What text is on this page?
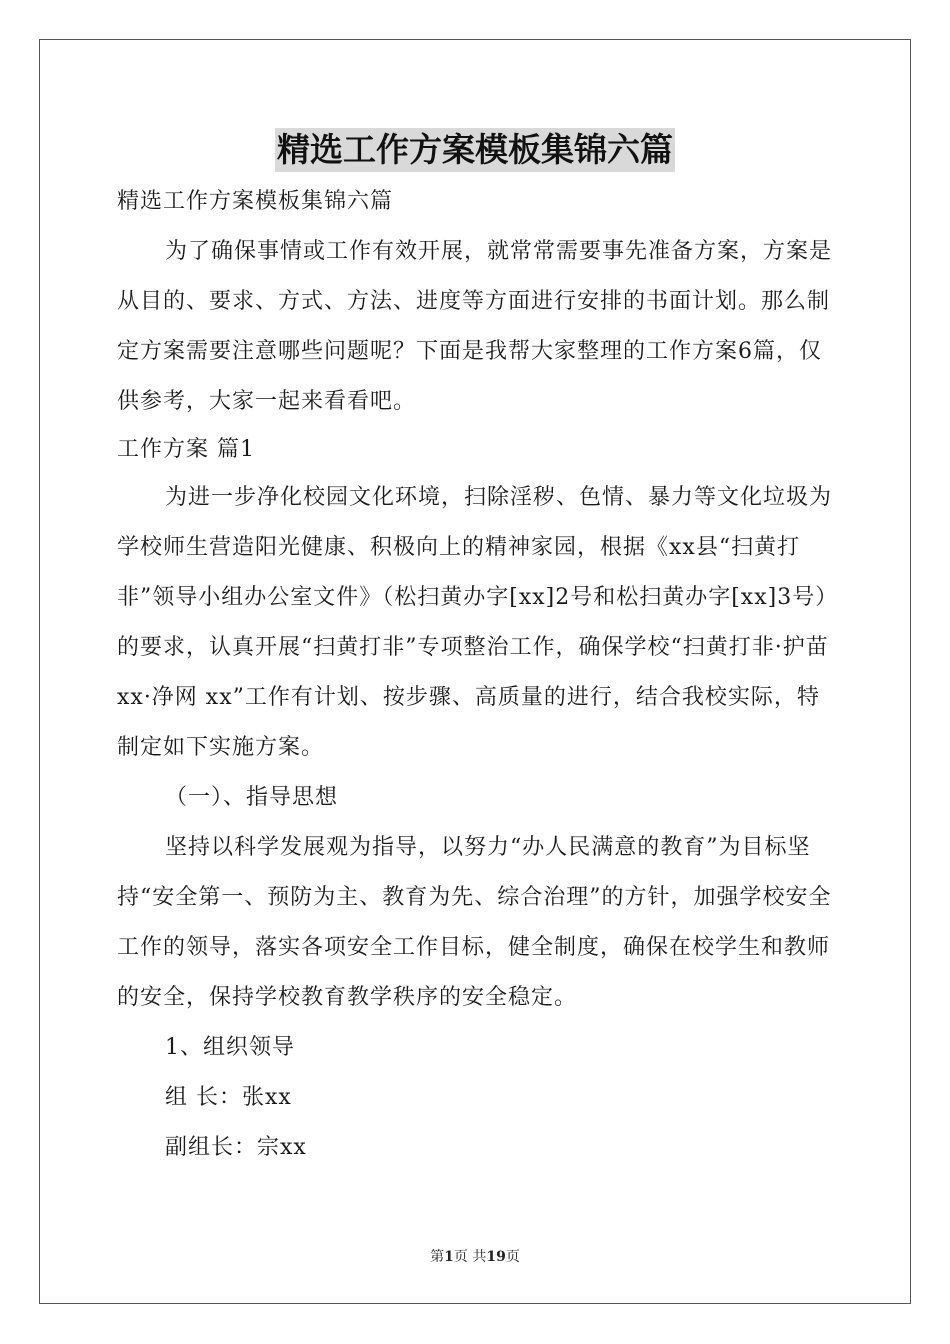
精选工作方案模板集锦六篇

精选工作方案模板集锦六篇

为了确保事情或工作有效开展，就常常需要事先准备方案，方案是从目的、要求、方式、方法、进度等方面进行安排的书面计划。那么制定方案需要注意哪些问题呢？下面是我帮大家整理的工作方案6篇，仅供参考，大家一起来看看吧。

工作方案 篇1

为进一步净化校园文化环境，扫除淫秽、色情、暴力等文化垃圾为学校师生营造阳光健康、积极向上的精神家园，根据《xx县“扫黄打非”领导小组办公室文件》（松扫黄办字[xx]2号和松扫黄办字[xx]3号）的要求，认真开展“扫黄打非”专项整治工作，确保学校“扫黄打非·护苗xx·净网 xx”工作有计划、按步骤、高质量的进行，结合我校实际，特制定如下实施方案。

（一）、指导思想

坚持以科学发展观为指导，以努力“办人民满意的教育”为目标坚持“安全第一、预防为主、教育为先、综合治理”的方针，加强学校安全工作的领导，落实各项安全工作目标，健全制度，确保在校学生和教师的安全，保持学校教育教学秩序的安全稳定。

1、组织领导

组 长：张xx

副组长：宗xx

第1页 共19页
